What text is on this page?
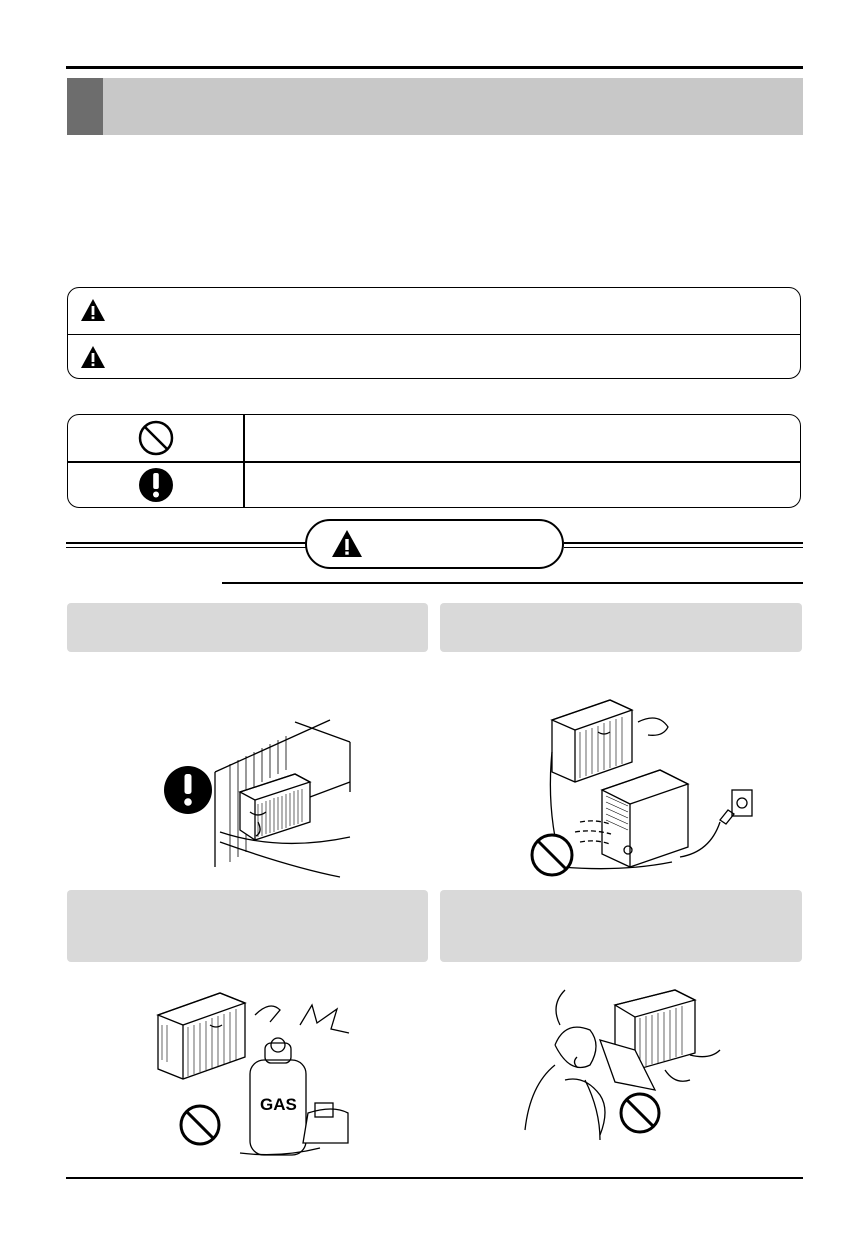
GAS
